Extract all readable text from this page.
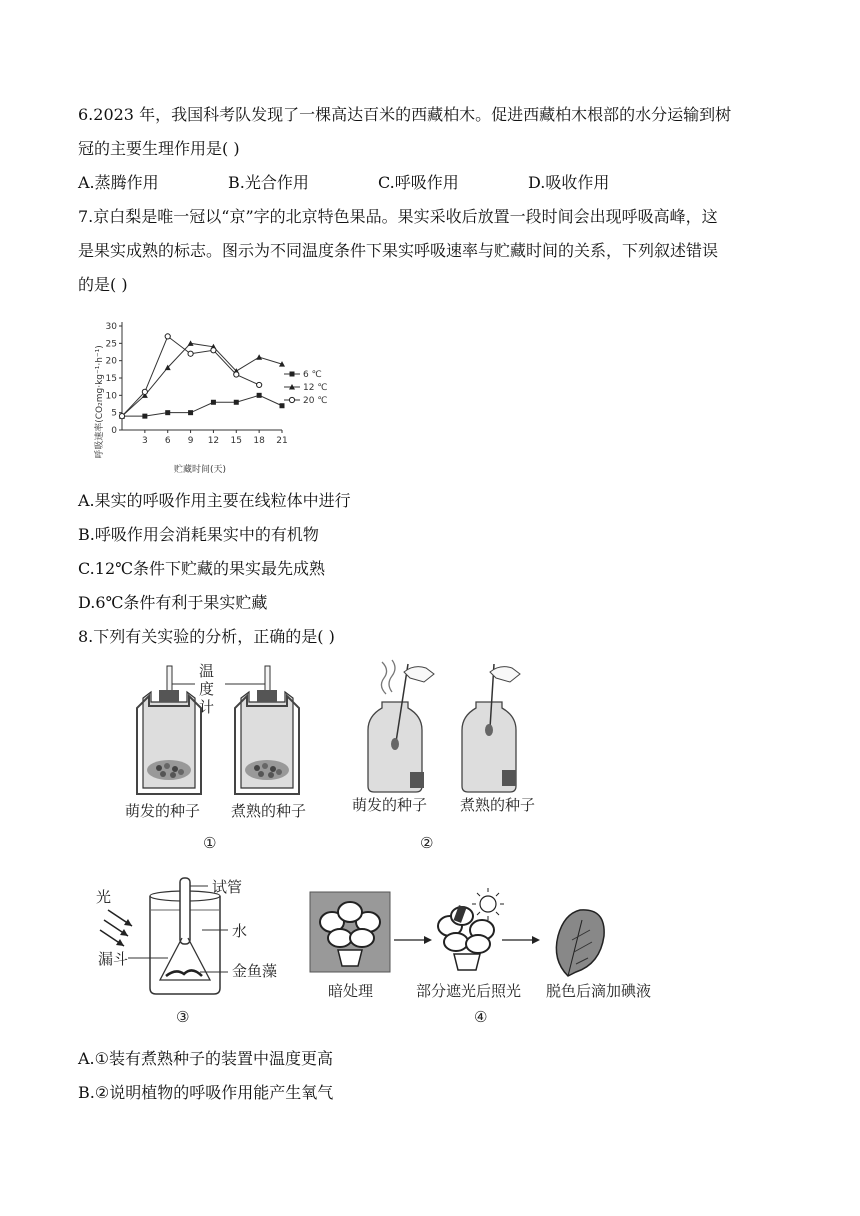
6.2023 年，我国科考队发现了一棵高达百米的西藏柏木。促进西藏柏木根部的水分运输到树
冠的主要生理作用是( )
A.蒸腾作用	B.光合作用	C.呼吸作用	D.吸收作用
7.京白梨是唯一冠以“京”字的北京特色果品。果实采收后放置一段时间会出现呼吸高峰，这
是果实成熟的标志。图示为不同温度条件下果实呼吸速率与贮藏时间的关系，下列叙述错误
的是( )
呼吸速率(CO₂mg·kg⁻¹·h⁻¹) 0
5
10
15
20
25
30
3 6 9 12 15 18 21
6 ℃
12 ℃
20 ℃
贮藏时间(天)
A.果实的呼吸作用主要在线粒体中进行
B.呼吸作用会消耗果实中的有机物
C.12℃条件下贮藏的果实最先成熟
D.6℃条件有利于果实贮藏
8.下列有关实验的分析，正确的是( )
温
度
计
萌发的种子 煮熟的种子
①
萌发的种子 煮熟的种子
②
光
试管
水
漏斗
金鱼藻
③
暗处理	部分遮光后照光 脱色后滴加碘液
④
A.①装有煮熟种子的装置中温度更高
B.②说明植物的呼吸作用能产生氧气
